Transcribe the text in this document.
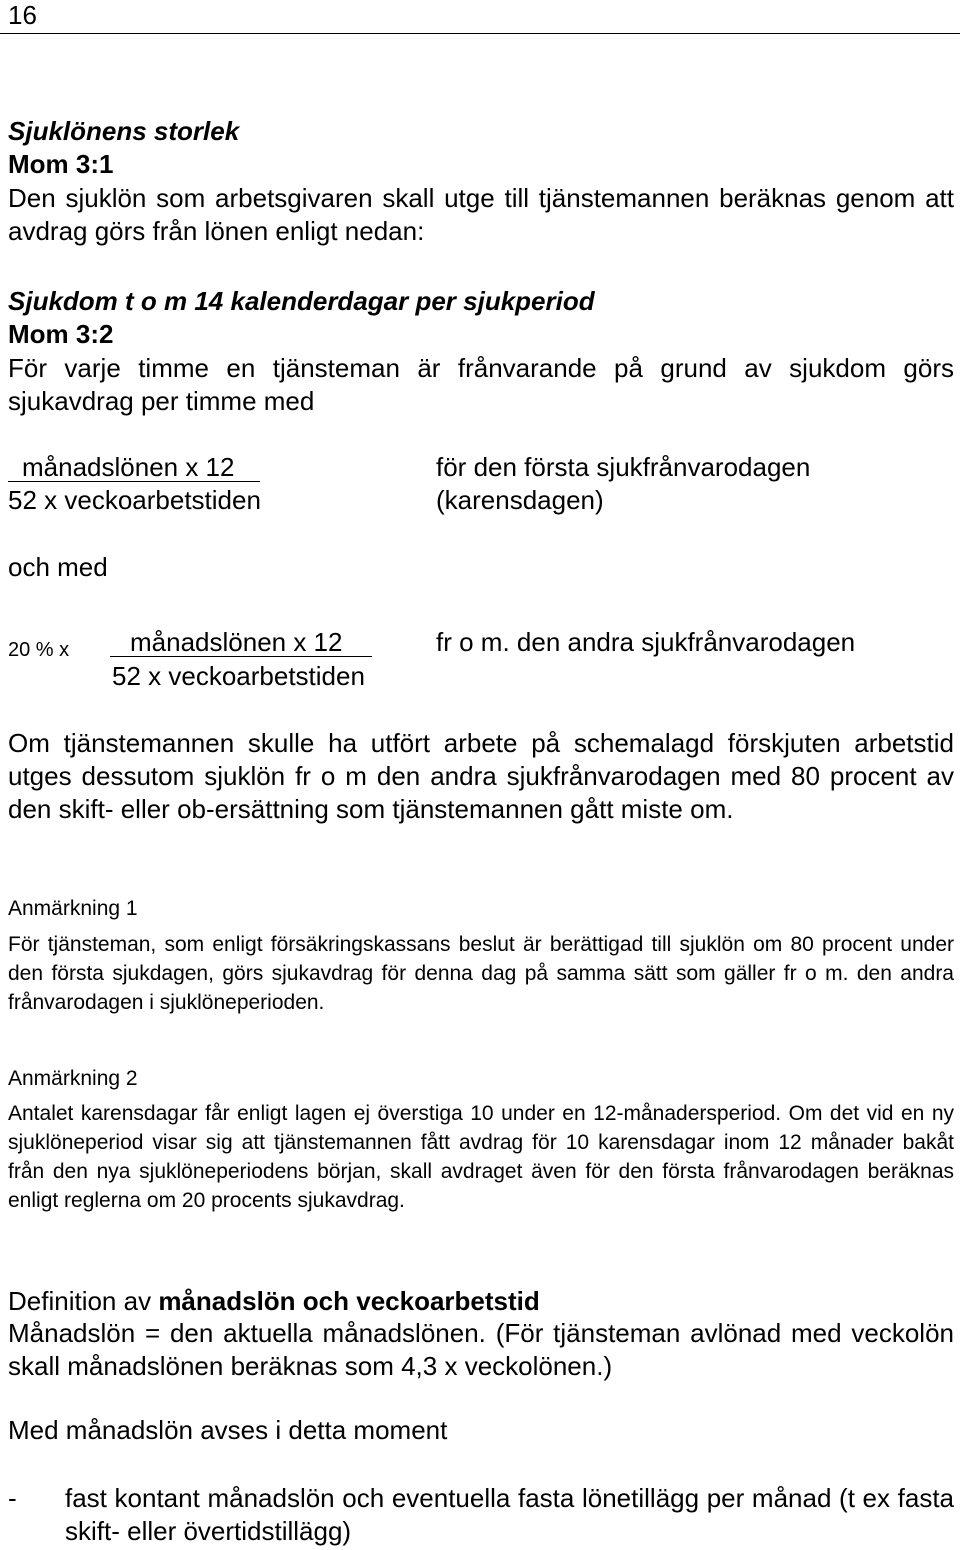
16
Sjuklönens storlek
Mom 3:1
Den sjuklön som arbetsgivaren skall utge till tjänstemannen beräknas genom att avdrag görs från lönen enligt nedan:
Sjukdom t o m 14 kalenderdagar per sjukperiod
Mom 3:2
För varje timme en tjänsteman är frånvarande på grund av sjukdom görs sjukavdrag per timme med
månadslönen x 12
52 x veckoarbetstiden
för den första sjukfrånvarodagen
(karensdagen)
och med
20 % x	månadslönen x 12
52 x veckoarbetstiden
fr o m. den andra sjukfrånvarodagen
Om tjänstemannen skulle ha utfört arbete på schemalagd förskjuten arbetstid utges dessutom sjuklön fr o m den andra sjukfrånvarodagen med 80 procent av den skift- eller ob-ersättning som tjänstemannen gått miste om.
Anmärkning 1
För tjänsteman, som enligt försäkringskassans beslut är berättigad till sjuklön om 80 procent under den första sjukdagen, görs sjukavdrag för denna dag på samma sätt som gäller fr o m. den andra frånvarodagen i sjuklöneperioden.
Anmärkning 2
Antalet karensdagar får enligt lagen ej överstiga 10 under en 12-månadersperiod. Om det vid en ny sjuklöneperiod visar sig att tjänstemannen fått avdrag för 10 karensdagar inom 12 månader bakåt från den nya sjuklöneperiodens början, skall avdraget även för den första frånvarodagen beräknas enligt reglerna om 20 procents sjukavdrag.
Definition av månadslön och veckoarbetstid
Månadslön = den aktuella månadslönen. (För tjänsteman avlönad med veckolön skall månadslönen beräknas som 4,3 x veckolönen.)
Med månadslön avses i detta moment
- fast kontant månadslön och eventuella fasta lönetillägg per månad (t ex fasta skift- eller övertidstillägg)
